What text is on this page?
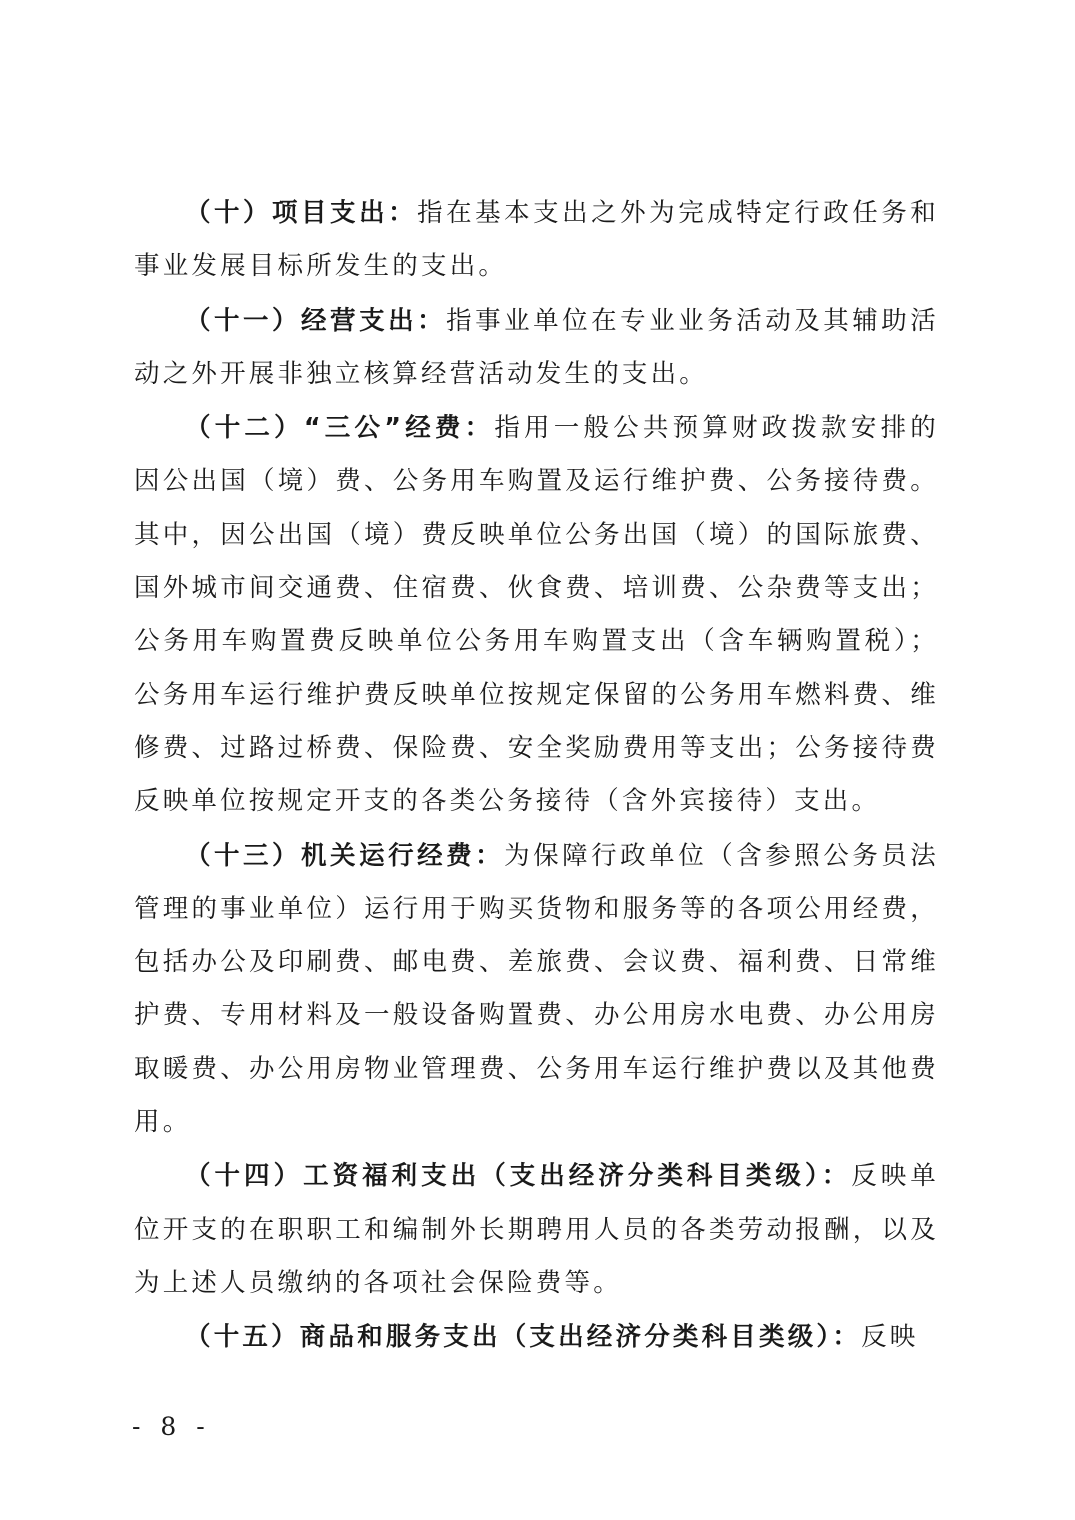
（十）项目支出：指在基本支出之外为完成特定行政任务和事业发展目标所发生的支出。

（十一）经营支出：指事业单位在专业业务活动及其辅助活动之外开展非独立核算经营活动发生的支出。

（十二）“三公”经费：指用一般公共预算财政拨款安排的因公出国（境）费、公务用车购置及运行维护费、公务接待费。其中，因公出国（境）费反映单位公务出国（境）的国际旅费、国外城市间交通费、住宿费、伙食费、培训费、公杂费等支出；公务用车购置费反映单位公务用车购置支出（含车辆购置税）；公务用车运行维护费反映单位按规定保留的公务用车燃料费、维修费、过路过桥费、保险费、安全奖励费用等支出；公务接待费反映单位按规定开支的各类公务接待（含外宾接待）支出。

（十三）机关运行经费：为保障行政单位（含参照公务员法管理的事业单位）运行用于购买货物和服务等的各项公用经费，包括办公及印刷费、邮电费、差旅费、会议费、福利费、日常维护费、专用材料及一般设备购置费、办公用房水电费、办公用房取暖费、办公用房物业管理费、公务用车运行维护费以及其他费用。

（十四）工资福利支出（支出经济分类科目类级）：反映单位开支的在职职工和编制外长期聘用人员的各类劳动报酬，以及为上述人员缴纳的各项社会保险费等。

（十五）商品和服务支出（支出经济分类科目类级）：反映

- 8 -
